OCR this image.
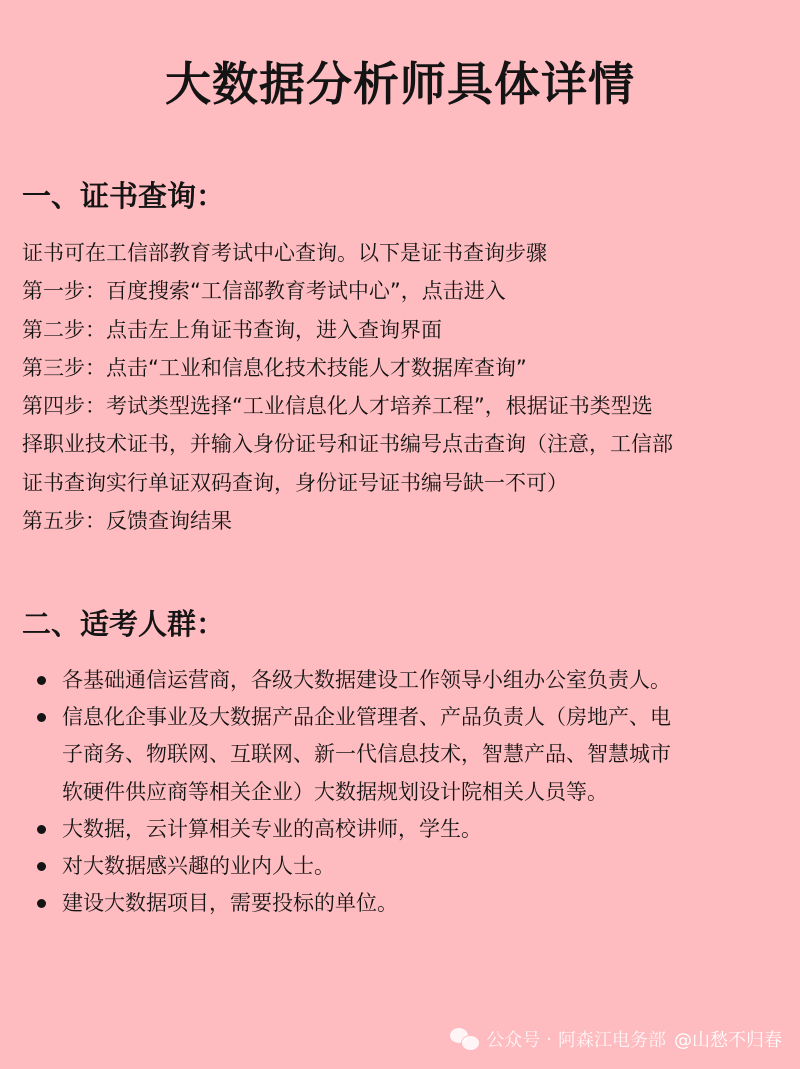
大数据分析师具体详情
一、证书查询：
证书可在工信部教育考试中心查询。以下是证书查询步骤
第一步：百度搜索“工信部教育考试中心”，点击进入
第二步：点击左上角证书查询，进入查询界面
第三步：点击“工业和信息化技术技能人才数据库查询”
第四步：考试类型选择“工业信息化人才培养工程”，根据证书类型选
择职业技术证书，并输入身份证号和证书编号点击查询（注意，工信部
证书查询实行单证双码查询，身份证号证书编号缺一不可）
第五步：反馈查询结果
二、适考人群：
各基础通信运营商，各级大数据建设工作领导小组办公室负责人。
信息化企事业及大数据产品企业管理者、产品负责人（房地产、电
子商务、物联网、互联网、新一代信息技术，智慧产品、智慧城市
软硬件供应商等相关企业）大数据规划设计院相关人员等。
大数据，云计算相关专业的高校讲师，学生。
对大数据感兴趣的业内人士。
建设大数据项目，需要投标的单位。
公众号 · 阿森江电务部 @山愁不归春
